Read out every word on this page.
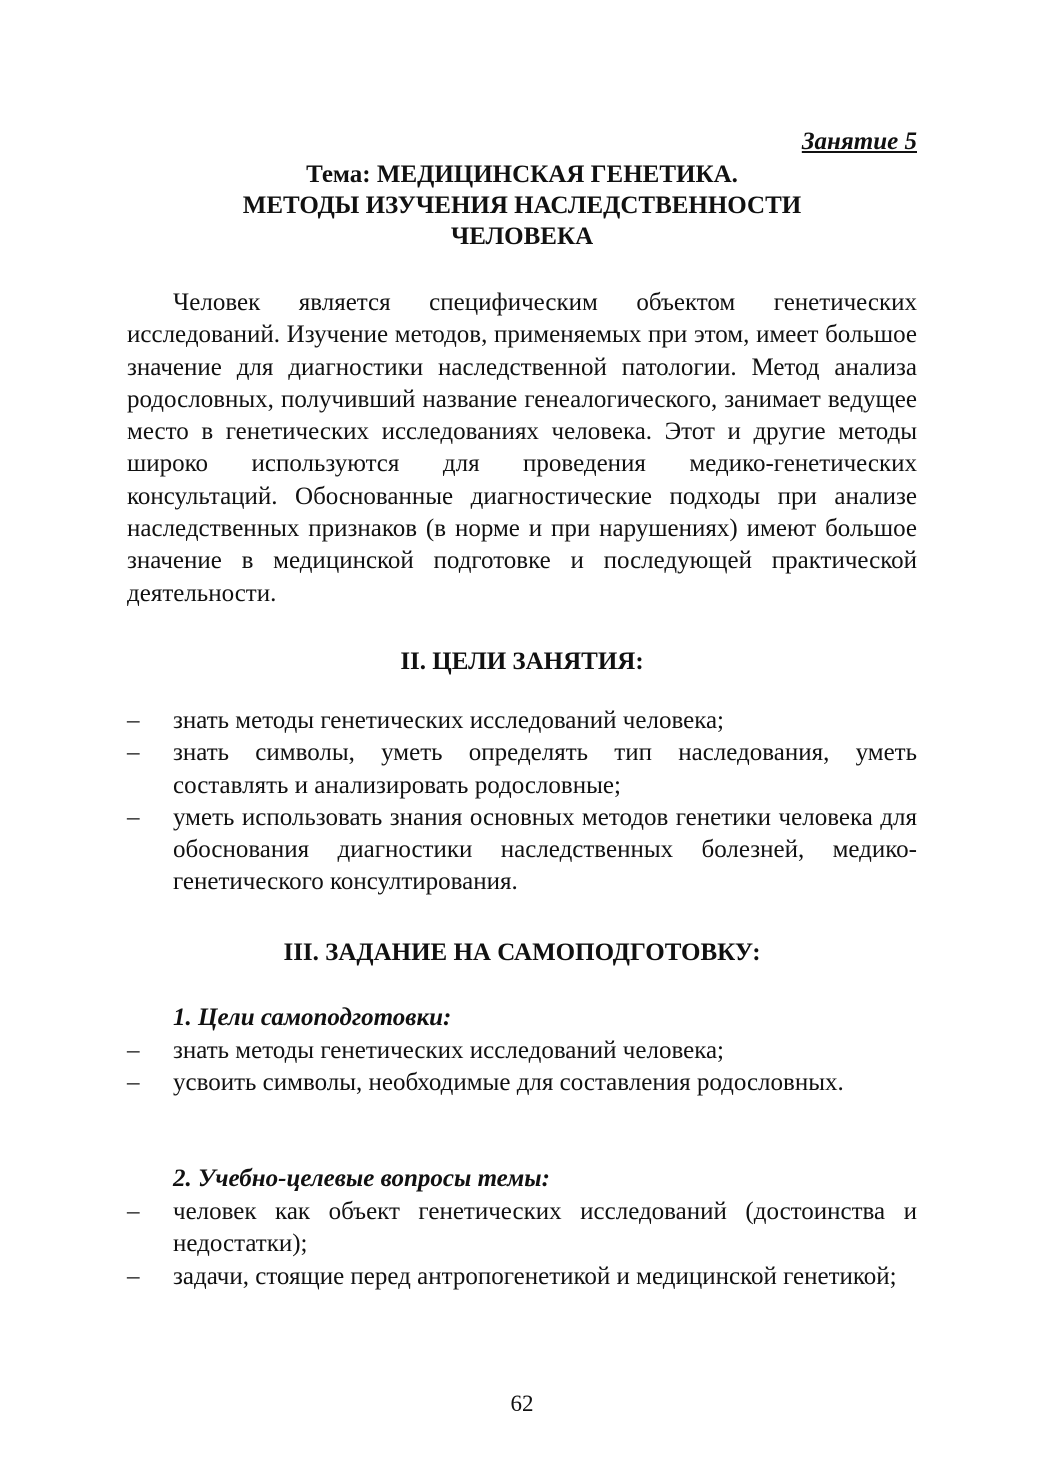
Занятие 5
Тема: МЕДИЦИНСКАЯ ГЕНЕТИКА.
МЕТОДЫ ИЗУЧЕНИЯ НАСЛЕДСТВЕННОСТИ
ЧЕЛОВЕКА

Человек является специфическим объектом генетических исследований. Изучение методов, применяемых при этом, имеет большое значение для диагностики наследственной патологии. Метод анализа родословных, получивший название генеалогического, занимает ведущее место в генетических исследованиях человека. Этот и другие методы широко используются для проведения медико-генетических консультаций. Обоснованные диагностические подходы при анализе наследственных признаков (в норме и при нарушениях) имеют большое значение в медицинской подготовке и последующей практической деятельности.

II. ЦЕЛИ ЗАНЯТИЯ:
– знать методы генетических исследований человека;
– знать символы, уметь определять тип наследования, уметь составлять и анализировать родословные;
– уметь использовать знания основных методов генетики человека для обоснования диагностики наследственных болезней, медико-генетического консултирования.
III. ЗАДАНИЕ НА САМОПОДГОТОВКУ:
1. Цели самоподготовки:
– знать методы генетических исследований человека;
– усвоить символы, необходимые для составления родословных.
2. Учебно-целевые вопросы темы:
– человек как объект генетических исследований (достоинства и недостатки);
– задачи, стоящие перед антропогенетикой и медицинской генетикой;
62
